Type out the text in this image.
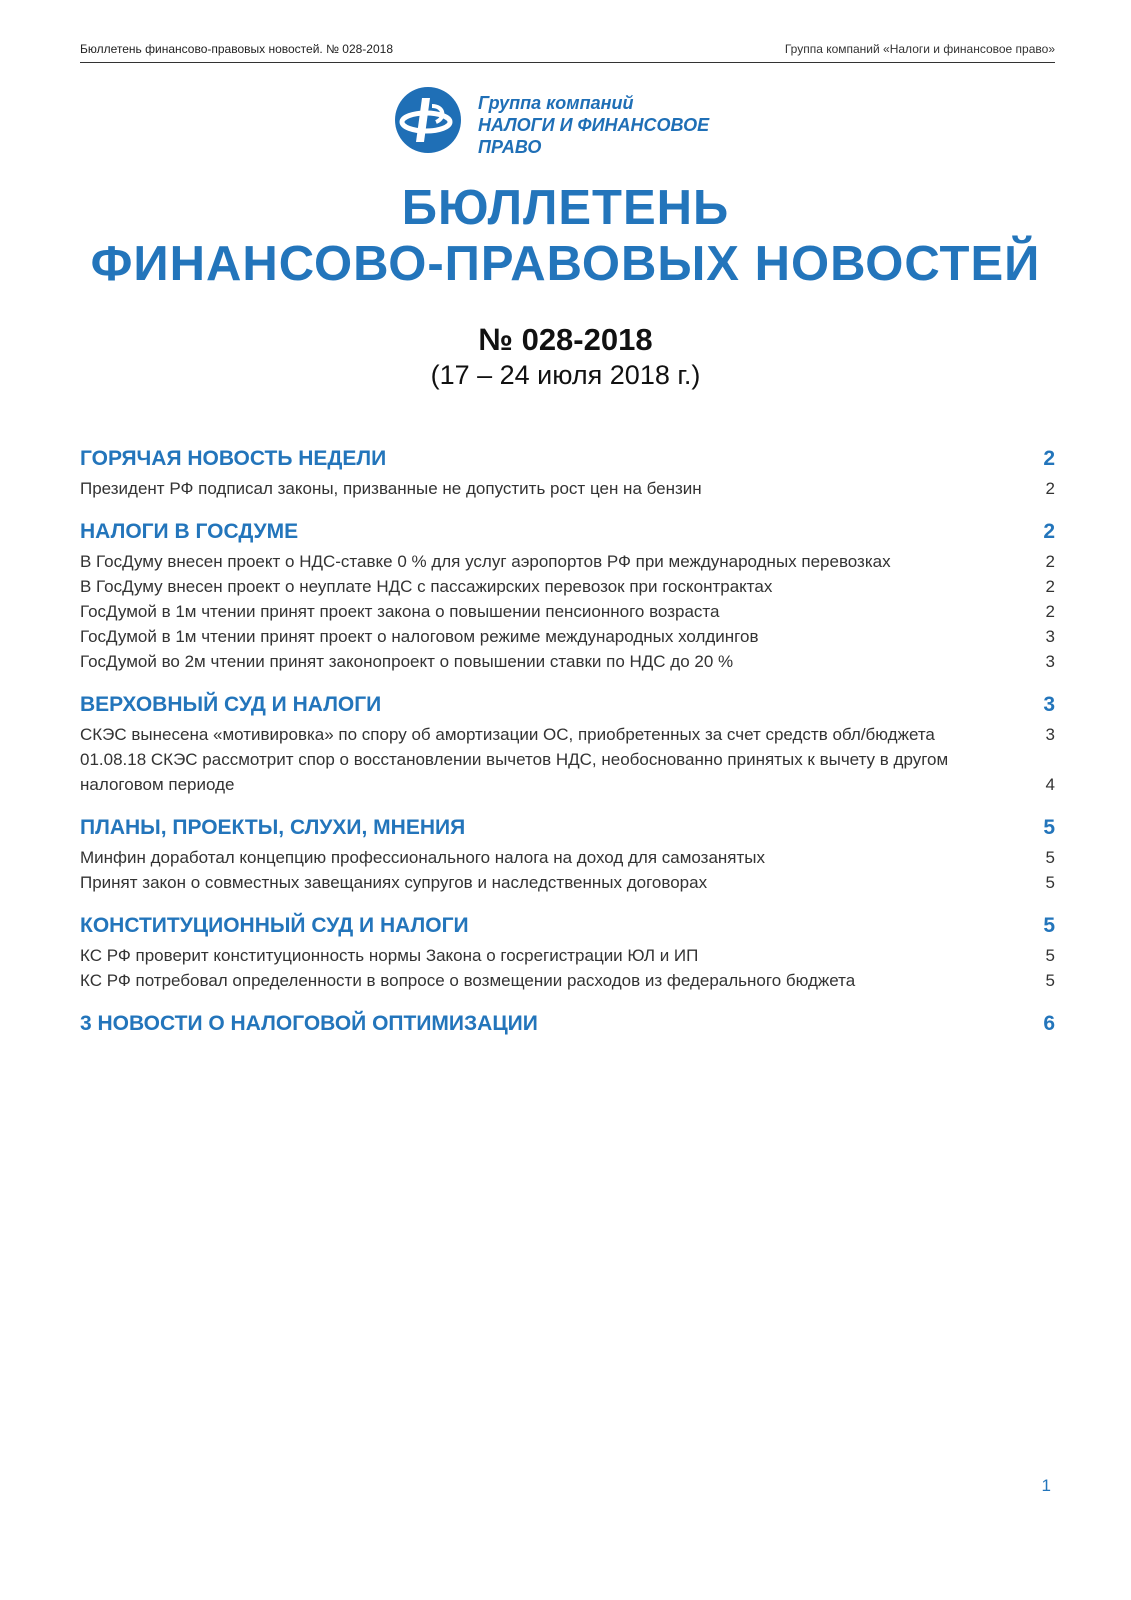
Бюллетень финансово-правовых новостей. № 028-2018	Группа компаний «Налоги и финансовое право»
Группа компаний
НАЛОГИ И ФИНАНСОВОЕ ПРАВО
БЮЛЛЕТЕНЬ
ФИНАНСОВО-ПРАВОВЫХ НОВОСТЕЙ
№ 028-2018
(17 – 24 июля 2018 г.)
ГОРЯЧАЯ НОВОСТЬ НЕДЕЛИ	2
Президент РФ подписал законы, призванные не допустить рост цен на бензин	2
НАЛОГИ В ГОСДУМЕ	2
В ГосДуму внесен проект о НДС-ставке 0 % для услуг аэропортов РФ при международных перевозках	2
В ГосДуму внесен проект о неуплате НДС с пассажирских перевозок при госконтрактах	2
ГосДумой в 1м чтении принят проект закона о повышении пенсионного возраста	2
ГосДумой в 1м чтении принят проект о налоговом режиме международных холдингов	3
ГосДумой во 2м чтении принят законопроект о повышении ставки по НДС до 20 %	3
ВЕРХОВНЫЙ СУД И НАЛОГИ	3
СКЭС вынесена «мотивировка» по спору об амортизации ОС, приобретенных за счет средств обл/бюджета	3
01.08.18 СКЭС рассмотрит спор о восстановлении вычетов НДС, необоснованно принятых к вычету в другом налоговом периоде	4
ПЛАНЫ, ПРОЕКТЫ, СЛУХИ, МНЕНИЯ	5
Минфин доработал концепцию профессионального налога на доход для самозанятых	5
Принят закон о совместных завещаниях супругов и наследственных договорах	5
КОНСТИТУЦИОННЫЙ СУД И НАЛОГИ	5
КС РФ проверит конституционность нормы Закона о госрегистрации ЮЛ и ИП	5
КС РФ потребовал определенности в вопросе о возмещении расходов из федерального бюджета	5
3 НОВОСТИ О НАЛОГОВОЙ ОПТИМИЗАЦИИ	6
1
